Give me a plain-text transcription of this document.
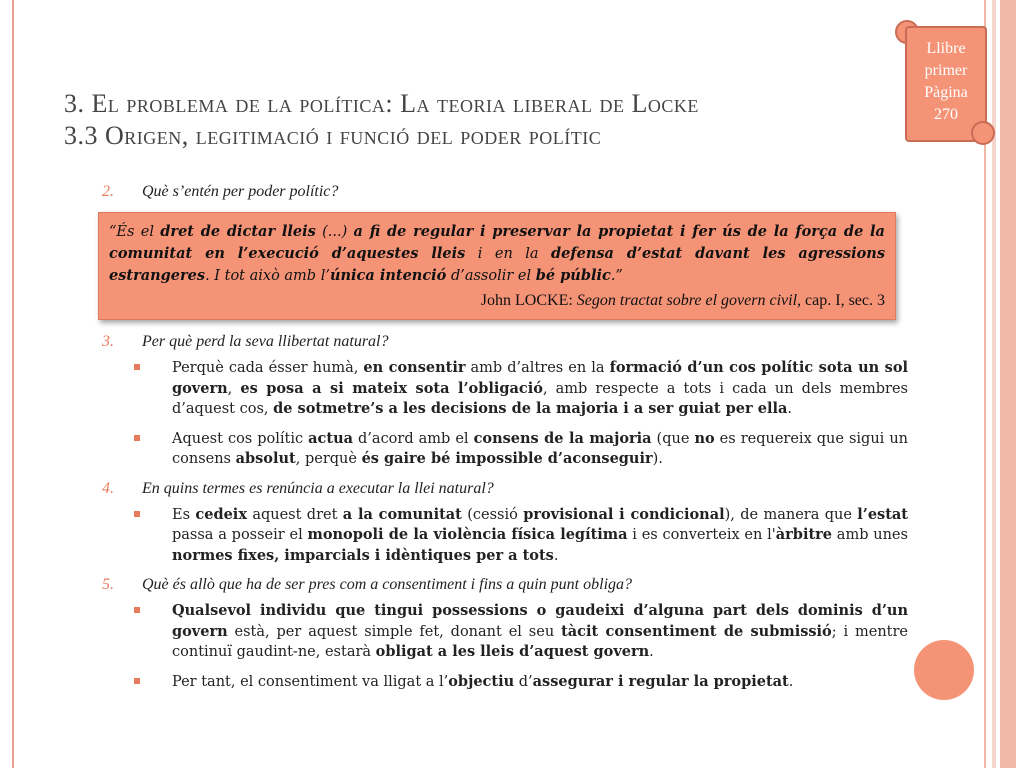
Llibre
primer
Pàgina
270
3. El problema de la política: La teoria liberal de Locke
3.3 Origen, legitimació i funció del poder polític

2. Què s’entén per poder polític?

“És el dret de dictar lleis (...) a fi de regular i preservar la propietat i fer ús de la força de la comunitat en l’execució d’aquestes lleis i en la defensa d’estat davant les agressions estrangeres. I tot això amb l’única intenció d’assolir el bé públic.”
John LOCKE: Segon tractat sobre el govern civil, cap. I, sec. 3

3. Per què perd la seva llibertat natural?

Perquè cada ésser humà, en consentir amb d’altres en la formació d’un cos polític sota un sol govern, es posa a si mateix sota l’obligació, amb respecte a tots i cada un dels membres d’aquest cos, de sotmetre’s a les decisions de la majoria i a ser guiat per ella.
Aquest cos polític actua d’acord amb el consens de la majoria (que no es requereix que sigui un consens absolut, perquè és gaire bé impossible d’aconseguir).

4. En quins termes es renúncia a executar la llei natural?

Es cedeix aquest dret a la comunitat (cessió provisional i condicional), de manera que l’estat passa a posseir el monopoli de la violència física legítima i es converteix en l'àrbitre amb unes normes fixes, imparcials i idèntiques per a tots.

5. Què és allò que ha de ser pres com a consentiment i fins a quin punt obliga?

Qualsevol individu que tingui possessions o gaudeixi d’alguna part dels dominis d’un govern està, per aquest simple fet, donant el seu tàcit consentiment de submissió; i mentre continuï gaudint-ne, estarà obligat a les lleis d’aquest govern.
Per tant, el consentiment va lligat a l’objectiu d’assegurar i regular la propietat.
